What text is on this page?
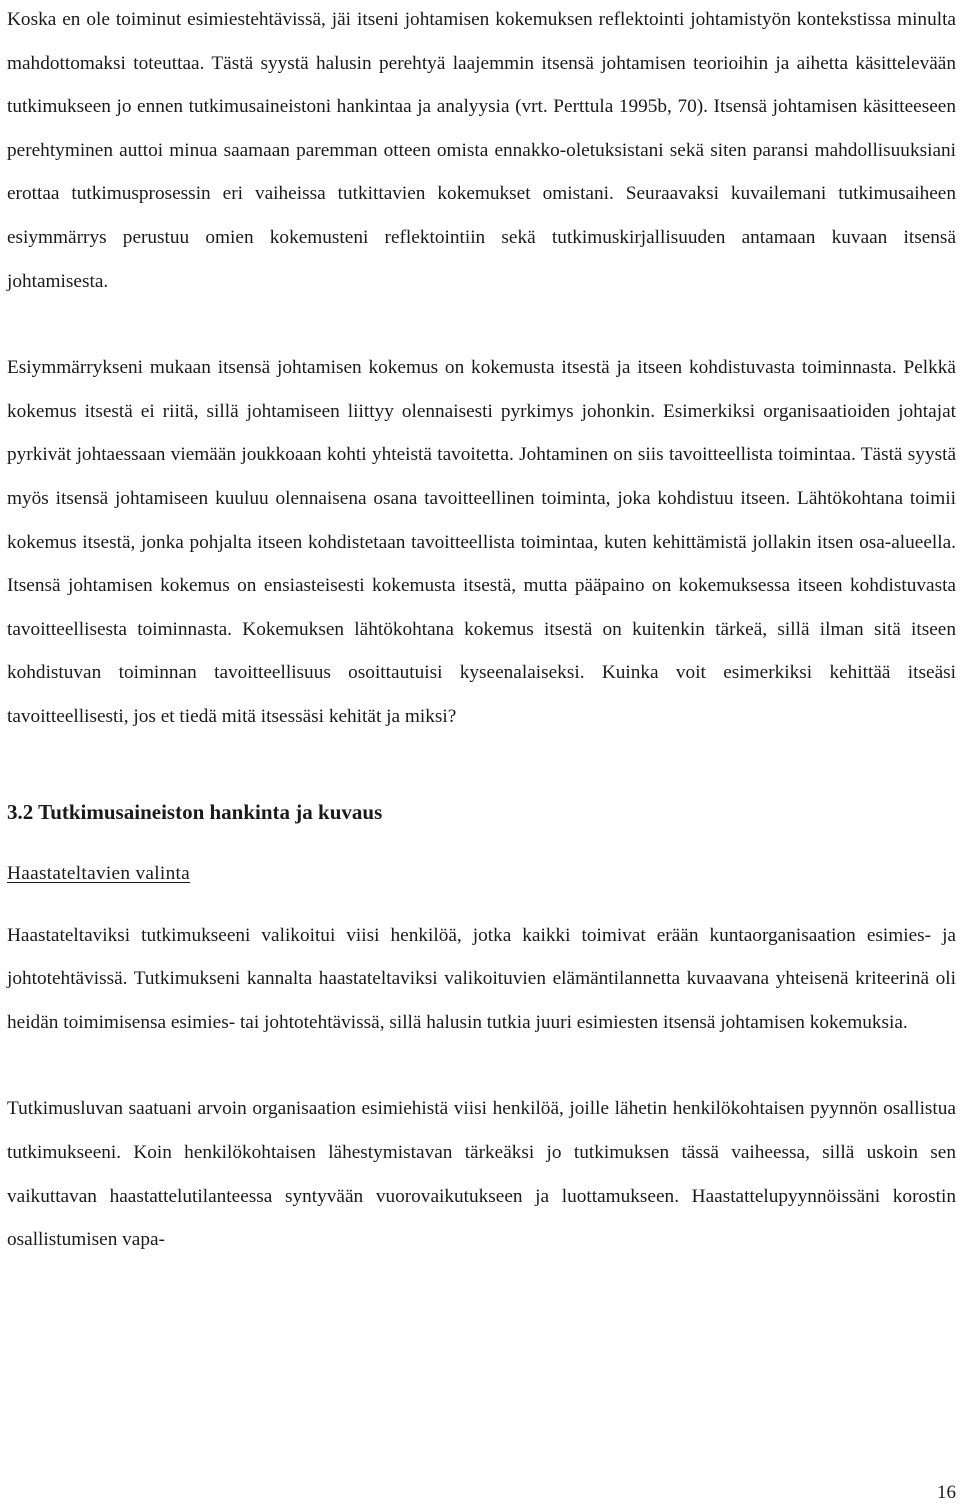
Koska en ole toiminut esimiestehtävissä, jäi itseni johtamisen kokemuksen reflektointi johtamistyön kontekstissa minulta mahdottomaksi toteuttaa. Tästä syystä halusin perehtyä laajemmin itsensä johtamisen teorioihin ja aihetta käsittelevään tutkimukseen jo ennen tutkimusaineistoni hankintaa ja analyysia (vrt. Perttula 1995b, 70). Itsensä johtamisen käsitteeseen perehtyminen auttoi minua saamaan paremman otteen omista ennakko-oletuksistani sekä siten paransi mahdollisuuksiani erottaa tutkimusprosessin eri vaiheissa tutkittavien kokemukset omistani. Seuraavaksi kuvailemani tutkimusaiheen esiymmärrys perustuu omien kokemusteni reflektointiin sekä tutkimuskirjallisuuden antamaan kuvaan itsensä johtamisesta.

Esiymmärrykseni mukaan itsensä johtamisen kokemus on kokemusta itsestä ja itseen kohdistuvasta toiminnasta. Pelkkä kokemus itsestä ei riitä, sillä johtamiseen liittyy olennaisesti pyrkimys johonkin. Esimerkiksi organisaatioiden johtajat pyrkivät johtaessaan viemään joukkoaan kohti yhteistä tavoitetta. Johtaminen on siis tavoitteellista toimintaa. Tästä syystä myös itsensä johtamiseen kuuluu olennaisena osana tavoitteellinen toiminta, joka kohdistuu itseen. Lähtökohtana toimii kokemus itsestä, jonka pohjalta itseen kohdistetaan tavoitteellista toimintaa, kuten kehittämistä jollakin itsen osa-alueella. Itsensä johtamisen kokemus on ensiasteisesti kokemusta itsestä, mutta pääpaino on kokemuksessa itseen kohdistuvasta tavoitteellisesta toiminnasta. Kokemuksen lähtökohtana kokemus itsestä on kuitenkin tärkeä, sillä ilman sitä itseen kohdistuvan toiminnan tavoitteellisuus osoittautuisi kyseenalaiseksi. Kuinka voit esimerkiksi kehittää itseäsi tavoitteellisesti, jos et tiedä mitä itsessäsi kehität ja miksi?

3.2 Tutkimusaineiston hankinta ja kuvaus

Haastateltavien valinta

Haastateltaviksi tutkimukseeni valikoitui viisi henkilöä, jotka kaikki toimivat erään kuntaorganisaation esimies- ja johtotehtävissä. Tutkimukseni kannalta haastateltaviksi valikoituvien elämäntilannetta kuvaavana yhteisenä kriteerinä oli heidän toimimisensa esimies- tai johtotehtävissä, sillä halusin tutkia juuri esimiesten itsensä johtamisen kokemuksia.

Tutkimusluvan saatuani arvoin organisaation esimiehistä viisi henkilöä, joille lähetin henkilökohtaisen pyynnön osallistua tutkimukseeni. Koin henkilökohtaisen lähestymistavan tärkeäksi jo tutkimuksen tässä vaiheessa, sillä uskoin sen vaikuttavan haastattelutilanteessa syntyvään vuorovaikutukseen ja luottamukseen. Haastattelupyynnöissäni korostin osallistumisen vapa-

16
